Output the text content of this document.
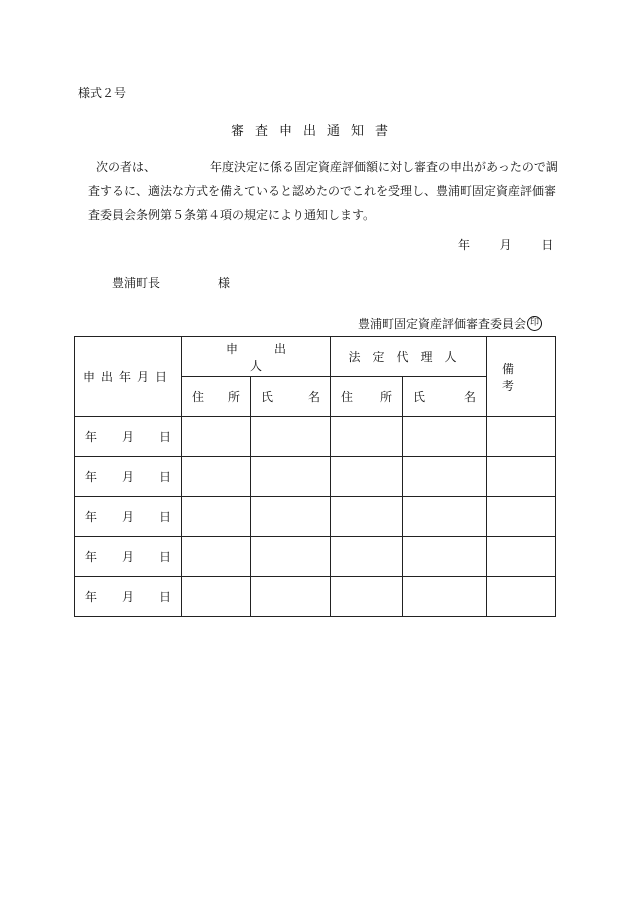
様式２号
審査申出通知書
次の者は、　　　　　年度決定に係る固定資産評価額に対し審査の申出があったので調
査するに、適法な方式を備えていると認めたのでこれを受理し、豊浦町固定資産評価審
査委員会条例第５条第４項の規定により通知します。
年 月 日
豊浦町長	様
豊浦町固定資産評価審査委員会 印
申出年月日	申出人		法定代理人		備考

	住 所	氏 名	住 所	氏 名	

年 月 日					

年 月 日					

年 月 日					

年 月 日					

年 月 日					
